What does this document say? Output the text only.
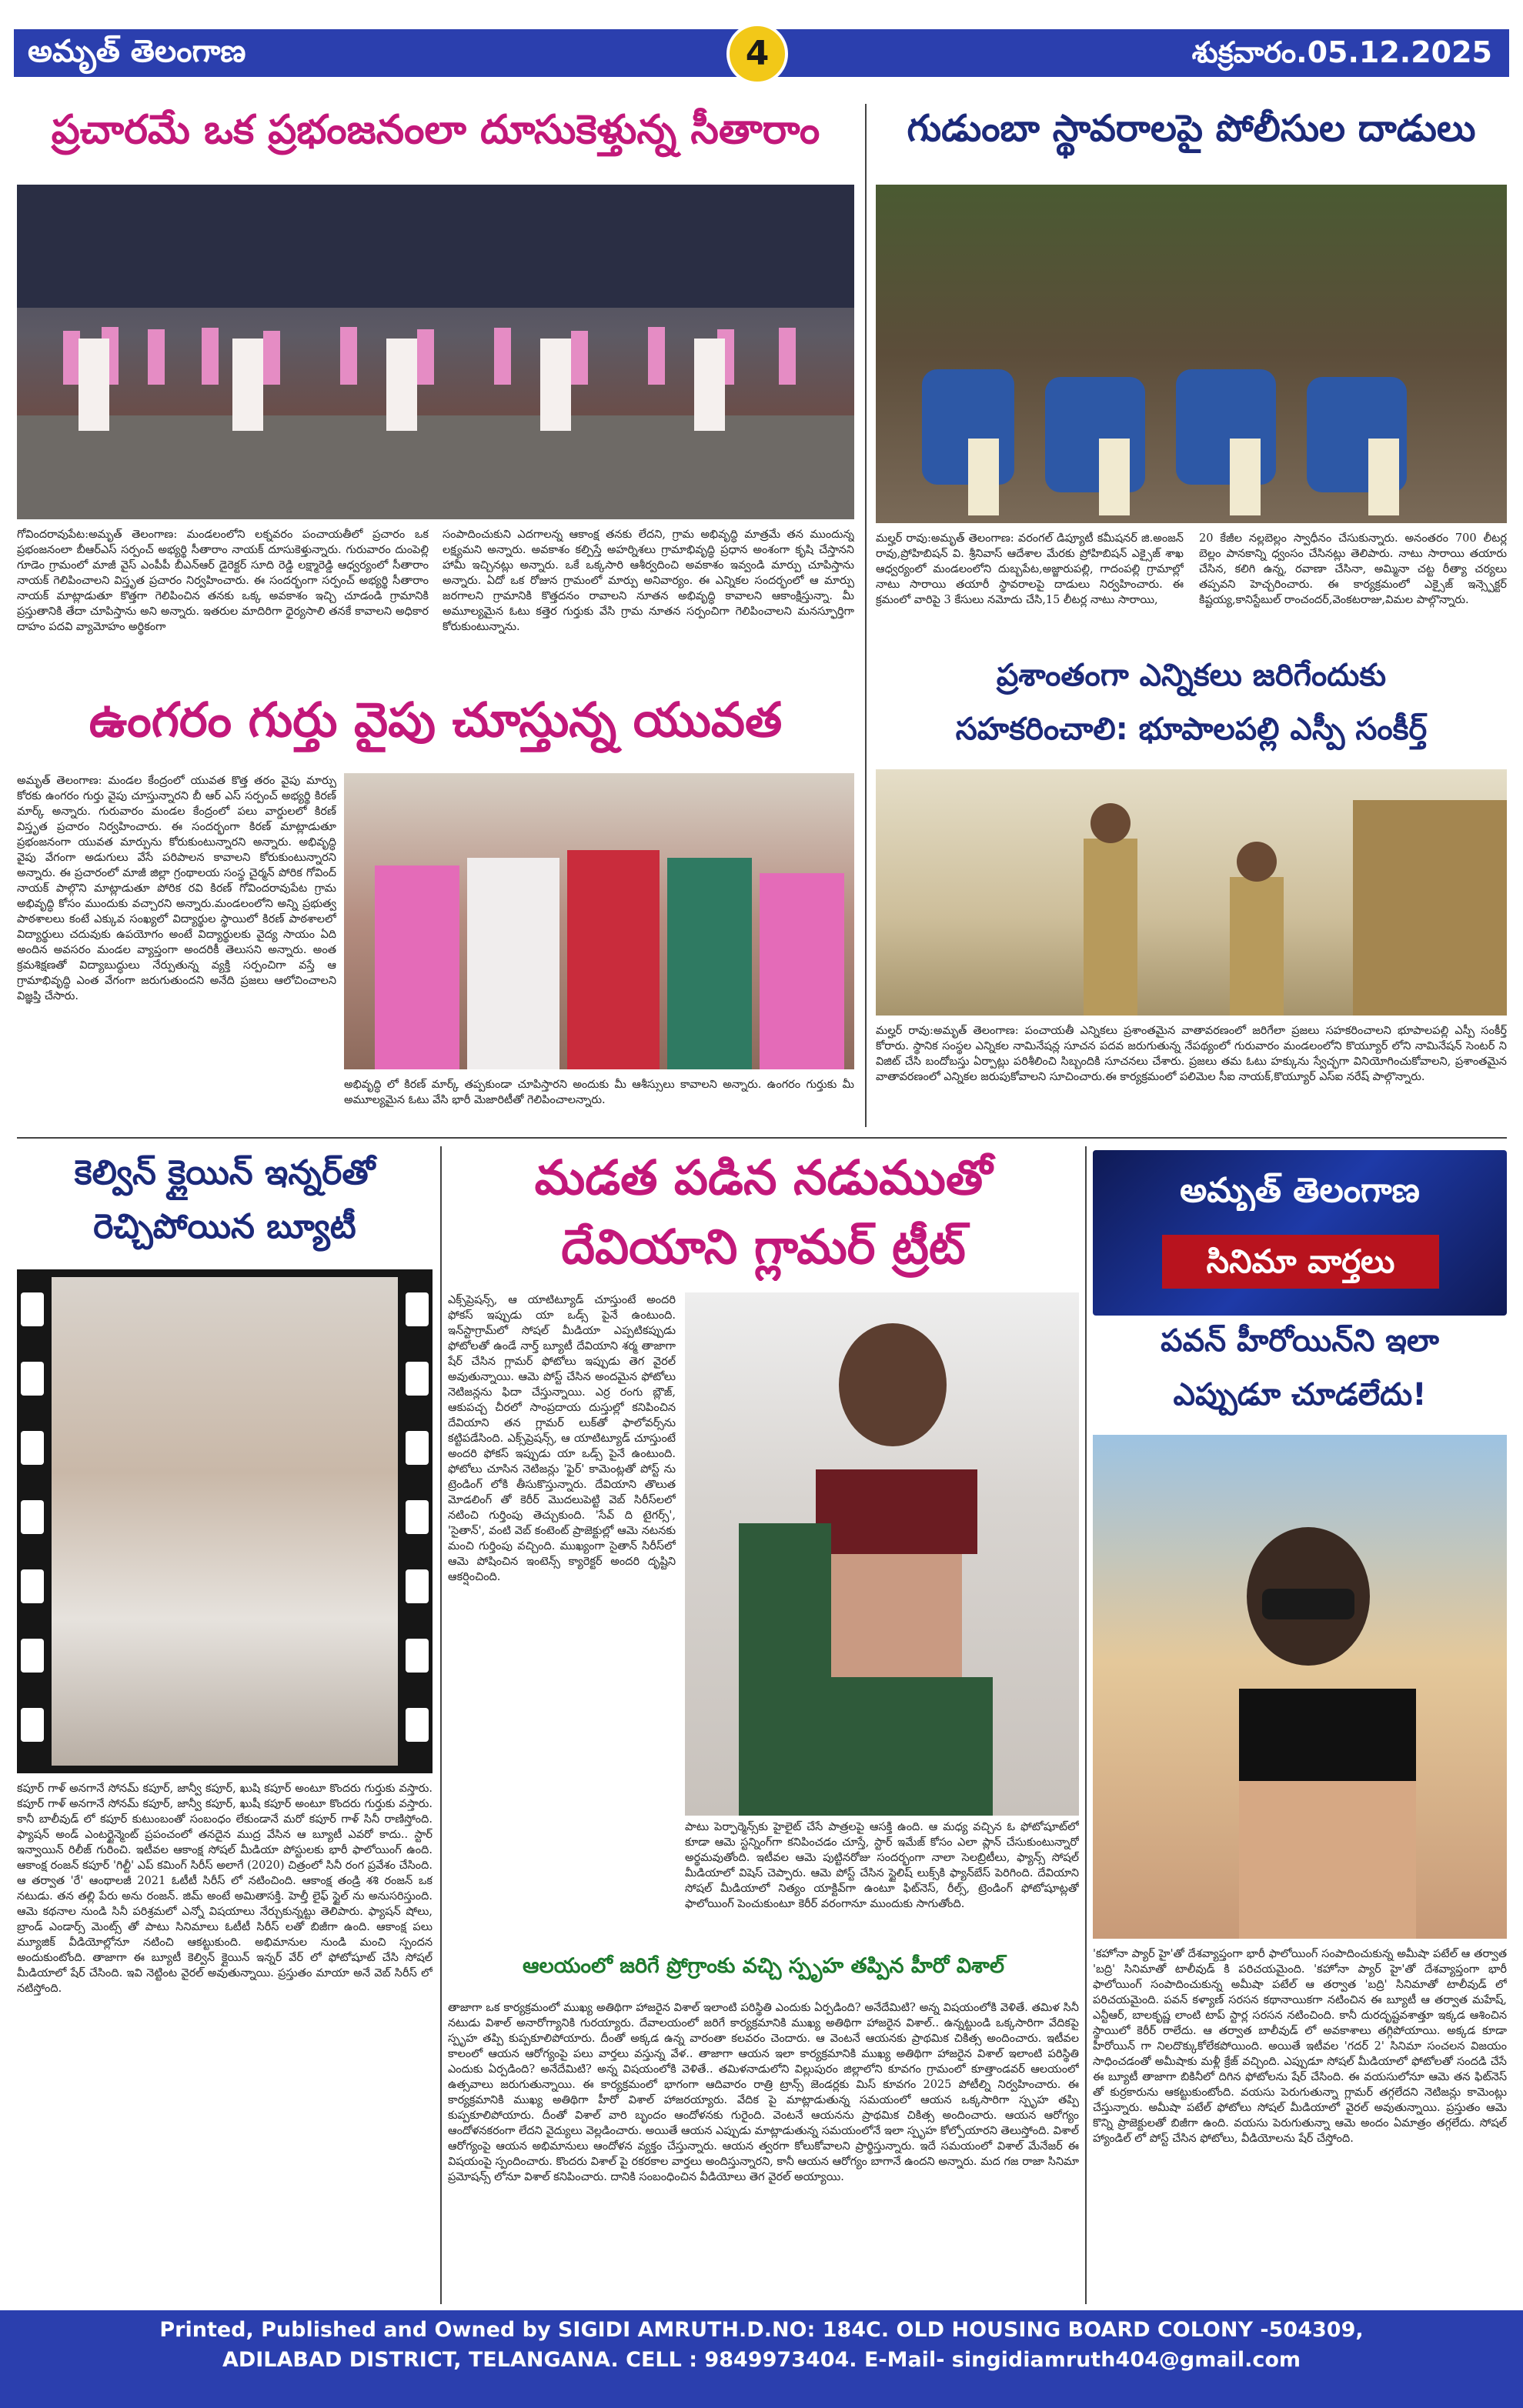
అమృత్ తెలంగాణ	శుక్రవారం.05.12.2025
4
ప్రచారమే ఒక ప్రభంజనంలా దూసుకెళ్తున్న సీతారాం
గోవిందరావుపేట:అమృత్ తెలంగాణ: మండలంలోని లక్నవరం పంచాయతీలో ప్రచారం ఒక ప్రభంజనంలా బీఆర్ఎస్ సర్పంచ్ అభ్యర్థి సీతారాం నాయక్ దూసుకెళ్తున్నారు. గురువారం దుంపెల్లి గూడెం గ్రామంలో మాజీ వైస్ ఎంపీపీ బీఎన్ఆర్ డైరెక్టర్ సూది రెడ్డి లక్ష్మారెడ్డి ఆధ్వర్యంలో సీతారాం నాయక్ గెలిపించాలని విస్తృత ప్రచారం నిర్వహించారు. ఈ సందర్భంగా సర్పంచ్ అభ్యర్థి సీతారాం నాయక్ మాట్లాడుతూ కొత్తగా గెలిపించిన తనకు ఒక్క అవకాశం ఇచ్చి చూడండి గ్రామానికి ప్రస్తుతానికి తేదా చూపిస్తాను అని అన్నారు. ఇతరుల మాదిరిగా ధైర్యసాలి తనకే కావాలని అధికార దాహం పదవి వ్యామోహం అర్థికంగా
సంపాదించుకుని ఎదగాలన్న ఆకాంక్ష తనకు లేదని, గ్రామ అభివృద్ధి మాత్రమే తన ముందున్న లక్ష్యమని అన్నారు. అవకాశం కల్పిస్తే అహర్నిశలు గ్రామాభివృద్ధి ప్రధాన అంశంగా కృషి చేస్తానని హామీ ఇచ్చినట్లు అన్నారు. ఒకే ఒక్కసారి ఆశీర్వదించి అవకాశం ఇవ్వండి మార్పు చూపిస్తాను అన్నారు. ఏదో ఒక రోజున గ్రామంలో మార్పు అనివార్యం. ఈ ఎన్నికల సందర్భంలో ఆ మార్పు జరగాలని గ్రామానికి కొత్తదనం రావాలని నూతన అభివృద్ధి కావాలని ఆకాంక్షిస్తున్నా. మీ అమూల్యమైన ఓటు కత్తెర గుర్తుకు వేసి గ్రామ నూతన సర్పంచిగా గెలిపించాలని మనస్ఫూర్తిగా కోరుకుంటున్నాను.
గుడుంబా స్థావరాలపై పోలీసుల దాడులు
మల్హర్ రావు:అమృత్ తెలంగాణ: వరంగల్ డిప్యూటీ కమీషనర్ జి.అంజన్ రావు,ప్రోహిబిషన్ వి. శ్రీనివాస్ ఆదేశాల మేరకు ప్రోహిబిషన్ ఎక్సైజ్ శాఖ ఆధ్వర్యంలో మండలంలోని దుబ్బపేట,అజ్జారుపల్లి, గాదంపల్లి గ్రామాల్లో నాటు సారాయి తయారీ స్థావరాలపై దాడులు నిర్వహించారు. ఈ క్రమంలో వారిపై 3 కేసులు నమోదు చేసి,15 లీటర్ల నాటు సారాయి,
20 కేజీల నల్లబెల్లం స్వాధీనం చేసుకున్నారు. అనంతరం 700 లీటర్ల బెల్లం పానకాన్ని ధ్వంసం చేసినట్లు తెలిపారు. నాటు సారాయి తయారు చేసిన, కలిగి ఉన్న, రవాణా చేసినా, అమ్మినా చట్ట రీత్యా చర్యలు తప్పవని హెచ్చరించారు. ఈ కార్యక్రమంలో ఎక్సైజ్ ఇన్స్పెక్టర్ కిష్టయ్య,కానిస్టేబుల్ రాంచందర్,వెంకటరాజు,విమల పాల్గొన్నారు.
ఉంగరం గుర్తు వైపు చూస్తున్న యువత
అమృత్ తెలంగాణ: మండల కేంద్రంలో యువత కొత్త తరం వైపు మార్పు కోరకు ఉంగరం గుర్తు వైపు చూస్తున్నారని బీ ఆర్ ఎస్ సర్పంచ్ అభ్యర్థి కిరణ్ మార్క్ అన్నారు. గురువారం మండల కేంద్రంలో పలు వార్డులలో కిరణ్ విస్తృత ప్రచారం నిర్వహించారు. ఈ సందర్భంగా కిరణ్ మాట్లాడుతూ ప్రభంజనంగా యువత మార్పును కోరుకుంటున్నారని అన్నారు. అభివృద్ధి వైపు వేగంగా అడుగులు వేసే పరిపాలన కావాలని కోరుకుంటున్నారని అన్నారు. ఈ ప్రచారంలో మాజీ జిల్లా గ్రంథాలయ సంస్థ చైర్మన్ పోరిక గోవింద్ నాయక్ పాల్గొని మాట్లాడుతూ పోరిక రవి కిరణ్ గోవిందరావుపేట గ్రామ అభివృద్ధి కోసం ముందుకు వచ్చారని అన్నారు.మండలంలోని అన్ని ప్రభుత్వ పాఠశాలలు కంటే ఎక్కువ సంఖ్యలో విద్యార్థుల స్థాయిలో కిరణ్ పాఠశాలలో విద్యార్థులు చదువుకు ఉపయోగం అంటే విద్యార్థులకు వైద్య సాయం ఏది అందిన అవసరం మండల వ్యాప్తంగా అందరికీ తెలుసని అన్నారు. అంత క్రమశిక్షణతో విద్యాబుద్ధులు నేర్పుతున్న వ్యక్తి సర్పంచిగా వస్తే ఆ గ్రామాభివృద్ధి ఎంత వేగంగా జరుగుతుందని అనేది ప్రజలు ఆలోచించాలని విజ్ఞప్తి చేసారు.
అభివృద్ధి లో కిరణ్ మార్క్ తప్పకుండా చూపిస్తారని అందుకు మీ ఆశీస్సులు కావాలని అన్నారు. ఉంగరం గుర్తుకు మీ అమూల్యమైన ఓటు వేసి భారీ మెజారిటీతో గెలిపించాలన్నారు.
ప్రశాంతంగా ఎన్నికలు జరిగేందుకు
సహకరించాలి: భూపాలపల్లి ఎస్పీ సంకీర్త్
మల్హర్ రావు:అమృత్ తెలంగాణ: పంచాయతీ ఎన్నికలు ప్రశాంతమైన వాతావరణంలో జరిగేలా ప్రజలు సహకరించాలని భూపాలపల్లి ఎస్పీ సంకీర్త్ కోరారు. స్థానిక సంస్థల ఎన్నికల నామినేషన్ల సూచన పదవ జరుగుతున్న నేపథ్యంలో గురువారం మండలంలోని కొయ్యూర్ లోని నామినేషన్ సెంటర్ ని విజిట్ చేసి బందోబస్తు ఏర్పాట్లు పరిశీలించి సిబ్బందికి సూచనలు చేశారు. ప్రజలు తమ ఓటు హక్కును స్వేచ్ఛగా వినియోగించుకోవాలని, ప్రశాంతమైన వాతావరణంలో ఎన్నికల జరుపుకోవాలని సూచించారు.ఈ కార్యక్రమంలో పలిమెల సీఐ నాయక్,కొయ్యూర్ ఎస్ఐ నరేష్ పాల్గొన్నారు.
కెల్విన్ క్లైయిన్ ఇన్నర్‌తో
రెచ్చిపోయిన బ్యూటీ
కపూర్ గాళ్ అనగానే సోనమ్ కపూర్, జాన్వీ కపూర్, ఖుషి కపూర్ అంటూ కొందరు గుర్తుకు వస్తారు. కపూర్ గాళ్ అనగానే సోనమ్ కపూర్, జాన్వీ కపూర్, ఖుషీ కపూర్ అంటూ కొందరు గుర్తుకు వస్తారు. కానీ బాలీవుడ్ లో కపూర్ కుటుంబంతో సంబంధం లేకుండానే మరో కపూర్ గాళ్ సినీ రాణిస్తోంది. ఫ్యాషన్ అండ్ ఎంటర్టైన్మెంట్ ప్రపంచంలో తనదైన ముద్ర వేసిన ఆ బ్యూటీ ఎవరో కాదు.. స్టార్ ఇన్వాయిన్ రిలీజ్ గురించి. ఇటీవల ఆకాంక్ష సోషల్ మీడియా పోస్టులకు భారీ ఫాలోయింగ్ ఉంది. ఆకాంక్ష రంజన్ కపూర్ 'గిల్టీ' ఎప్ కమింగ్ సిరీస్ అలాగే (2020) చిత్రంలో సినీ రంగ ప్రవేశం చేసింది. ఆ తర్వాత 'రే' ఆంథాలజీ 2021 ఓటీటీ సిరీస్ లో నటించింది. ఆకాంక్ష తండ్రి శశి రంజన్ ఒక నటుడు. తన తల్లి పేరు అను రంజన్. జిమ్ అంటే అమితాసక్తి. హెల్తీ లైఫ్ స్టైల్ ను అనుసరిస్తుంది. ఆమె కథనాల నుండి సినీ పరిశ్రమలో ఎన్నో విషయాలు నేర్చుకున్నట్టు తెలిపారు. ఫ్యాషన్ షోలు, బ్రాండ్ ఎండార్స్ మెంట్స్ తో పాటు సినిమాలు ఓటీటీ సిరీస్ లతో బిజీగా ఉంది. ఆకాంక్ష పలు మ్యూజిక్ వీడియోల్లోనూ నటించి ఆకట్టుకుంది. అభిమానుల నుండి మంచి స్పందన అందుకుంటోంది. తాజాగా ఈ బ్యూటీ కెల్విన్ క్లైయిన్ ఇన్నర్ వేర్ లో ఫోటోషూట్ చేసి సోషల్ మీడియాలో షేర్ చేసింది. ఇవి నెట్టింట వైరల్ అవుతున్నాయి. ప్రస్తుతం మాయా అనే వెబ్ సిరీస్ లో నటిస్తోంది.
మడత పడిన నడుముతో
దేవియాని గ్లామర్ ట్రీట్
ఎక్స్‌ప్రెషన్స్, ఆ యాటిట్యూడ్ చూస్తుంటే అందరి ఫోకస్ ఇప్పుడు యా ఒడ్స్ పైనే ఉంటుంది. ఇన్‌స్టాగ్రామ్‌లో సోషల్ మీడియా ఎప్పటికప్పుడు ఫోటోలతో ఉండే నార్త్ బ్యూటీ దేవియాని శర్మ తాజాగా షేర్ చేసిన గ్లామర్ ఫోటోలు ఇప్పుడు తెగ వైరల్ అవుతున్నాయి. ఆమె పోస్ట్ చేసిన అందమైన ఫోటోలు నెటిజన్లను ఫిదా చేస్తున్నాయి. ఎర్ర రంగు బ్లౌజ్, ఆకుపచ్చ చీరలో సాంప్రదాయ దుస్తుల్లో కనిపించిన దేవియాని తన గ్లామర్ లుక్‌తో ఫాలోవర్స్‌ను కట్టిపడేసింది. ఎక్స్‌ప్రెషన్స్, ఆ యాటిట్యూడ్ చూస్తుంటే అందరి ఫోకస్ ఇప్పుడు యా ఒడ్స్ పైనే ఉంటుంది. ఫోటోలు చూసిన నెటిజన్లు 'ఫైర్' కామెంట్లతో పోస్ట్ ను ట్రెండింగ్ లోకి తీసుకొస్తున్నారు. దేవియాని తొలుత మోడలింగ్ తో కెరీర్ మొదలుపెట్టి వెబ్ సిరీస్‌లలో నటించి గుర్తింపు తెచ్చుకుంది. 'సేవ్ ది టైగర్స్', 'సైతాన్', వంటి వెబ్ కంటెంట్ ప్రాజెక్టుల్లో ఆమె నటనకు మంచి గుర్తింపు వచ్చింది. ముఖ్యంగా సైతాన్ సిరీస్‌లో ఆమె పోషించిన ఇంటెన్స్ క్యారెక్టర్ అందరి దృష్టిని ఆకర్షించింది.
పాటు పెర్ఫార్మెన్స్‌కు హైలైట్ చేసే పాత్రలపై ఆసక్తి ఉంది. ఆ మధ్య వచ్చిన ఓ ఫోటోషూట్‌లో కూడా ఆమె స్టన్నింగ్‌గా కనిపించడం చూస్తే, స్టార్ ఇమేజ్ కోసం ఎలా ప్లాన్ చేసుకుంటున్నారో అర్థమవుతోంది. ఇటీవల ఆమె పుట్టినరోజు సందర్భంగా నాలా సెలబ్రిటీలు, ఫ్యాన్స్ సోషల్ మీడియాలో విషెస్ చెప్పారు. ఆమె పోస్ట్ చేసిన స్టైలిష్ లుక్స్‌కి ఫ్యాన్‌బేస్ పెరిగింది. దేవియాని సోషల్ మీడియాలో నిత్యం యాక్టివ్‌గా ఉంటూ ఫిట్‌నెస్, రీల్స్, ట్రెండింగ్ ఫోటోషూట్లతో ఫాలోయింగ్ పెంచుకుంటూ కెరీర్ వరంగానూ ముందుకు సాగుతోంది.
ఆలయంలో జరిగే ప్రోగ్రాంకు వచ్చి స్పృహ తప్పిన హీరో విశాల్
తాజాగా ఒక కార్యక్రమంలో ముఖ్య అతిథిగా హాజరైన విశాల్ ఇలాంటి పరిస్థితి ఎందుకు ఏర్పడింది? అనేదేమిటి? అన్న విషయంలోకి వెళితే. తమిళ సినీ నటుడు విశాల్ అనారోగ్యానికి గురయ్యారు. దేవాలయంలో జరిగే కార్యక్రమానికి ముఖ్య అతిథిగా హాజరైన విశాల్.. ఉన్నట్టుండి ఒక్కసారిగా వేదికపై స్పృహ తప్పి కుప్పకూలిపోయారు. దీంతో అక్కడ ఉన్న వారంతా కలవరం చెందారు. ఆ వెంటనే ఆయనకు ప్రాథమిక చికిత్స అందించారు. ఇటీవల కాలంలో ఆయన ఆరోగ్యంపై పలు వార్తలు వస్తున్న వేళ.. తాజాగా ఆయన ఇలా కార్యక్రమానికి ముఖ్య అతిథిగా హాజరైన విశాల్ ఇలాంటి పరిస్థితి ఎందుకు ఏర్పడింది? అనేదేమిటి? అన్న విషయంలోకి వెళితే.. తమిళనాడులోని విల్లుపురం జిల్లాలోని కూవగం గ్రామంలో కూత్తాండవర్ ఆలయంలో ఉత్సవాలు జరుగుతున్నాయి. ఈ కార్యక్రమంలో భాగంగా ఆదివారం రాత్రి ట్రాన్స్ జెండర్లకు మిస్ కూవగం 2025 పోటీల్ని నిర్వహించారు. ఈ కార్యక్రమానికి ముఖ్య అతిథిగా హీరో విశాల్ హాజరయ్యారు. వేదిక పై మాట్లాడుతున్న సమయంలో ఆయన ఒక్కసారిగా స్పృహ తప్పి కుప్పకూలిపోయారు. దీంతో విశాల్ వారి బృందం ఆందోళనకు గురైంది. వెంటనే ఆయనను ప్రాథమిక చికిత్స అందించారు. ఆయన ఆరోగ్యం ఆందోళనకరంగా లేదని వైద్యులు వెల్లడించారు. అయితే ఆయన ఎప్పుడు మాట్లాడుతున్న సమయంలోనే ఇలా స్పృహ కోల్పోయారని తెలుస్తోంది. విశాల్ ఆరోగ్యంపై ఆయన అభిమానులు ఆందోళన వ్యక్తం చేస్తున్నారు. ఆయన త్వరగా కోలుకోవాలని ప్రార్థిస్తున్నారు. ఇదే సమయంలో విశాల్ మేనేజర్ ఈ విషయంపై స్పందించారు. కొందరు విశాల్ పై రకరకాల వార్తలు అందిస్తున్నారని, కానీ ఆయన ఆరోగ్యం బాగానే ఉందని అన్నారు. మద గజ రాజా సినిమా ప్రమోషన్స్ లోనూ విశాల్ కనిపించారు. దానికి సంబంధించిన వీడియోలు తెగ వైరల్ అయ్యాయి.
అమృత్ తెలంగాణ
సినిమా వార్తలు
పవన్ హీరోయిన్‌ని ఇలా
ఎప్పుడూ చూడలేదు!
'కహోనా ప్యార్ హై'తో దేశవ్యాప్తంగా భారీ ఫాలోయింగ్ సంపాదించుకున్న అమీషా పటేల్ ఆ తర్వాత 'బద్రి' సినిమాతో టాలీవుడ్ కి పరిచయమైంది. 'కహోనా ప్యార్ హై'తో దేశవ్యాప్తంగా భారీ ఫాలోయింగ్ సంపాదించుకున్న అమీషా పటేల్ ఆ తర్వాత 'బద్రి' సినిమాతో టాలీవుడ్ లో పరిచయమైంది. పవన్ కళ్యాణ్ సరసన కథానాయికగా నటించిన ఈ బ్యూటీ ఆ తర్వాత మహేష్, ఎన్టీఆర్, బాలకృష్ణ లాంటి టాప్ స్టార్ల సరసన నటించింది. కానీ దురదృష్టవశాత్తూ ఇక్కడ ఆశించిన స్థాయిలో కెరీర్ రాలేదు. ఆ తర్వాత బాలీవుడ్ లో అవకాశాలు తగ్గిపోయాయి. అక్కడ కూడా హీరోయిన్ గా నిలదొక్కుకోలేకపోయింది. అయితే ఇటీవల 'గదర్ 2' సినిమా సంచలన విజయం సాధించడంతో అమీషాకు మళ్లీ క్రేజ్ వచ్చింది. ఎప్పుడూ సోషల్ మీడియాలో ఫోటోలతో సందడి చేసే ఈ బ్యూటీ తాజాగా బికినీలో దిగిన ఫోటోలను షేర్ చేసింది. ఈ వయసులోనూ ఆమె తన ఫిట్‌నెస్ తో కుర్రకారును ఆకట్టుకుంటోంది. వయసు పెరుగుతున్నా గ్లామర్ తగ్గలేదని నెటిజన్లు కామెంట్లు చేస్తున్నారు. అమీషా పటేల్ ఫోటోలు సోషల్ మీడియాలో వైరల్ అవుతున్నాయి. ప్రస్తుతం ఆమె కొన్ని ప్రాజెక్టులతో బిజీగా ఉంది. వయసు పెరుగుతున్నా ఆమె అందం ఏమాత్రం తగ్గలేదు. సోషల్ హ్యాండిల్ లో పోస్ట్ చేసిన ఫోటోలు, వీడియోలను షేర్ చేస్తోంది.
Printed, Published and Owned by SIGIDI AMRUTH.D.NO: 184C. OLD HOUSING BOARD COLONY -504309,
ADILABAD DISTRICT, TELANGANA. CELL : 9849973404. E-Mail- singidiamruth404@gmail.com
